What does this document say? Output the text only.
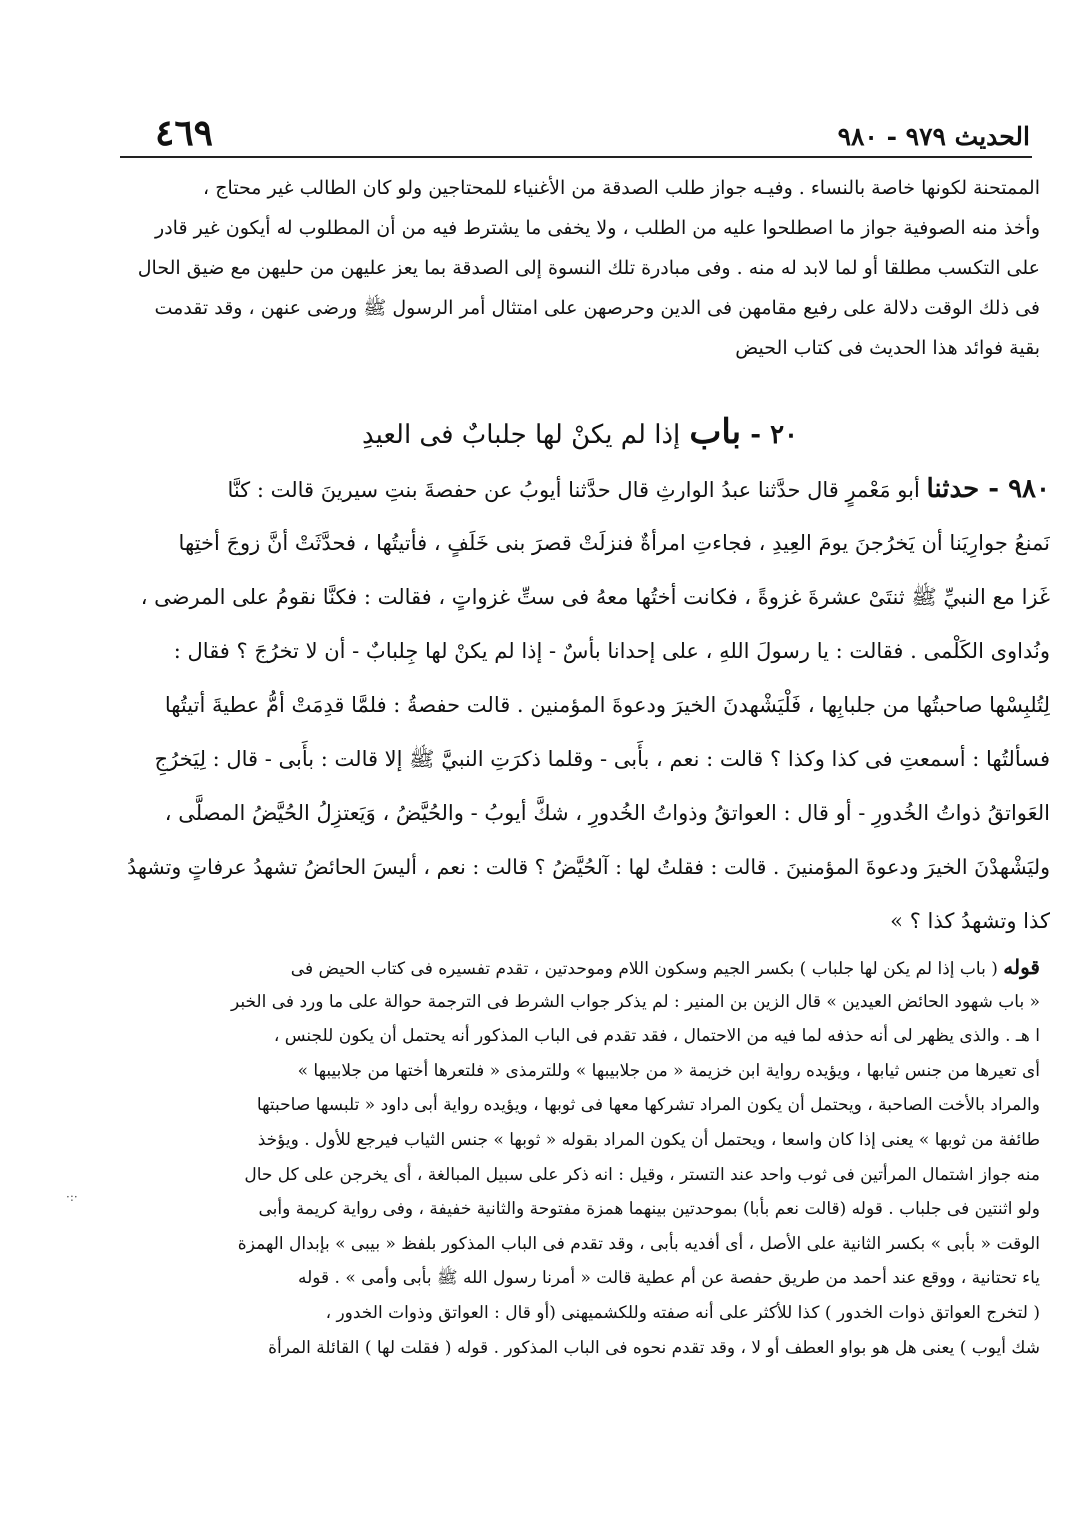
الحديث ٩٧٩ - ٩٨٠
٤٦٩
الممتحنة لكونها خاصة بالنساء . وفيـه جواز طلب الصدقة من الأغنياء للمحتاجين ولو كان الطالب غير محتاج ،
وأخذ منه الصوفية جواز ما اصطلحوا عليه من الطلب ، ولا يخفى ما يشترط فيه من أن المطلوب له أيكون غير قادر
على التكسب مطلقا أو لما لابد له منه . وفى مبادرة تلك النسوة إلى الصدقة بما يعز عليهن من حليهن مع ضيق الحال
فى ذلك الوقت دلالة على رفيع مقامهن فى الدين وحرصهن على امتثال أمر الرسول ﷺ ورضى عنهن ، وقد تقدمت
بقية فوائد هذا الحديث فى كتاب الحيض
٢٠ - باب إذا لم يكنْ لها جلبابٌ فى العيدِ
٩٨٠ - حدثنا أبو مَعْمرٍ قال حدَّثنا عبدُ الوارثِ قال حدَّثنا أيوبُ عن حفصةَ بنتِ سيرينَ قالت : كنَّا
نَمنعُ جوارِيَنا أن يَخرُجنَ يومَ العِيدِ ، فجاءتِ امرأةٌ فنزلَتْ قصرَ بنى خَلَفٍ ، فأتيتُها ، فحدَّثَتْ أنَّ زوجَ أختِها
غَزا مع النبيِّ ﷺ ثنتَىْ عشرةَ غزوةً ، فكانت أختُها معهُ فى ستِّ غزواتٍ ، فقالت : فكنَّا نقومُ على المرضى ،
ونُداوى الكَلْمى . فقالت : يا رسولَ اللهِ ، على إحدانا بأسٌ - إذا لم يكنْ لها جِلبابٌ - أن لا تخرُجَ ؟ فقال :
لِتُلبِسْها صاحبتُها من جلبابِها ، فَلْيَشْهدنَ الخيرَ ودعوةَ المؤمنين . قالت حفصةُ : فلمَّا قدِمَتْ أمُّ عطيةَ أتيتُها
فسألتُها : أسمعتِ فى كذا وكذا ؟ قالت : نعم ، بأَبى - وقلما ذكرَتِ النبيَّ ﷺ إلا قالت : بأَبى - قال : لِيَخرُجِ
العَواتقُ ذواتُ الخُدورِ - أو قال : العواتقُ وذواتُ الخُدورِ ، شكَّ أيوبُ - والحُيَّضُ ، وَيَعتزِلُ الحُيَّضُ المصلَّى ،
وليَشْهدْنَ الخيرَ ودعوةَ المؤمنينَ . قالت : فقلتُ لها : آلحُيَّضُ ؟ قالت : نعم ، أليسَ الحائضُ تشهدُ عرفاتٍ وتشهدُ
كذا وتشهدُ كذا ؟ »
قوله ( باب إذا لم يكن لها جلباب ) بكسر الجيم وسكون اللام وموحدتين ، تقدم تفسيره فى كتاب الحيض فى
« باب شهود الحائض العيدين » قال الزين بن المنير : لم يذكر جواب الشرط فى الترجمة حوالة على ما ورد فى الخبر
ا هـ . والذى يظهر لى أنه حذفه لما فيه من الاحتمال ، فقد تقدم فى الباب المذكور أنه يحتمل أن يكون للجنس ،
أى تعيرها من جنس ثيابها ، ويؤيده رواية ابن خزيمة « من جلابيبها » وللترمذى « فلتعرها أختها من جلابيبها »
والمراد بالأخت الصاحبة ، ويحتمل أن يكون المراد تشركها معها فى ثوبها ، ويؤيده رواية أبى داود « تلبسها صاحبتها
طائفة من ثوبها » يعنى إذا كان واسعا ، ويحتمل أن يكون المراد بقوله « ثوبها » جنس الثياب فيرجع للأول . ويؤخذ
منه جواز اشتمال المرأتين فى ثوب واحد عند التستر ، وقيل : انه ذكر على سبيل المبالغة ، أى يخرجن على كل حال
ولو اثنتين فى جلباب . قوله (قالت نعم بأبا) بموحدتين بينهما همزة مفتوحة والثانية خفيفة ، وفى رواية كريمة وأبى
الوقت « بأبى » بكسر الثانية على الأصل ، أى أفديه بأبى ، وقد تقدم فى الباب المذكور بلفظ « بيبى » بإبدال الهمزة
ياء تحتانية ، ووقع عند أحمد من طريق حفصة عن أم عطية قالت « أمرنا رسول الله ﷺ بأبى وأمى » . قوله
( لتخرج العواتق ذوات الخدور ) كذا للأكثر على أنه صفته وللكشميهنى (أو قال : العواتق وذوات الخدور ،
شك أيوب ) يعنى هل هو بواو العطف أو لا ، وقد تقدم نحوه فى الباب المذكور . قوله ( فقلت لها ) القائلة المرأة
·:·
